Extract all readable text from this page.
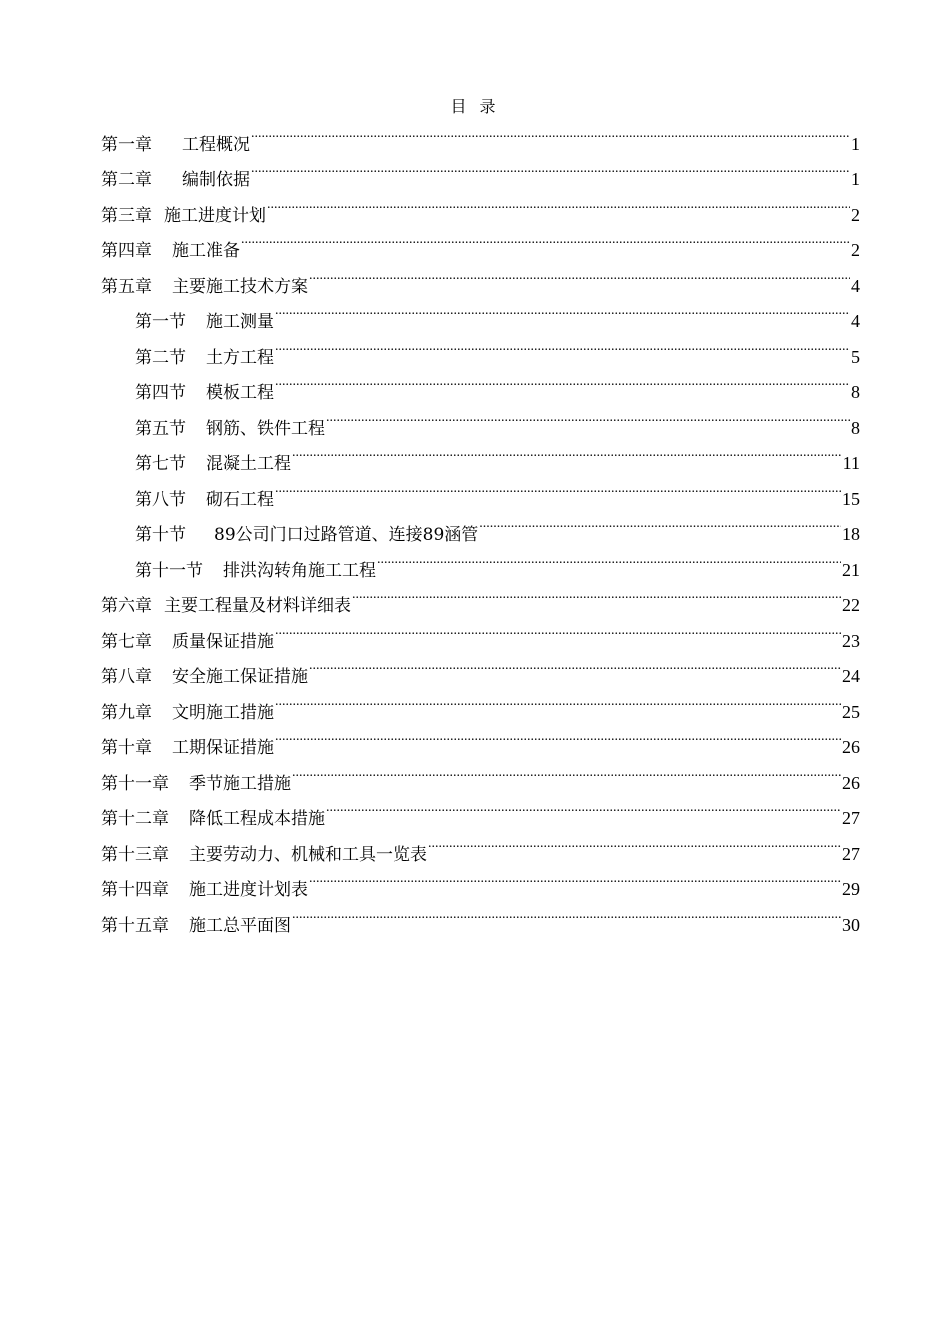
目 录
第一章 工程概况 .....	1
第二章 编制依据 .....	1
第三章 施工进度计划 .....	2
第四章 施工准备 .....	2
第五章 主要施工技术方案 .....	4
第一节 施工测量 .....	4
第二节 土方工程 .....	5
第四节 模板工程 .....	8
第五节 钢筋、铁件工程 .....	8
第七节 混凝土工程 .....	11
第八节 砌石工程 .....	15
第十节 89公司门口过路管道、连接89涵管 .....	18
第十一节 排洪沟转角施工工程 .....	21
第六章 主要工程量及材料详细表 .....	22
第七章 质量保证措施 .....	23
第八章 安全施工保证措施 .....	24
第九章 文明施工措施 .....	25
第十章 工期保证措施 .....	26
第十一章 季节施工措施 .....	26
第十二章 降低工程成本措施 .....	27
第十三章 主要劳动力、机械和工具一览表 .....	27
第十四章 施工进度计划表 .....	29
第十五章 施工总平面图 .....	30
